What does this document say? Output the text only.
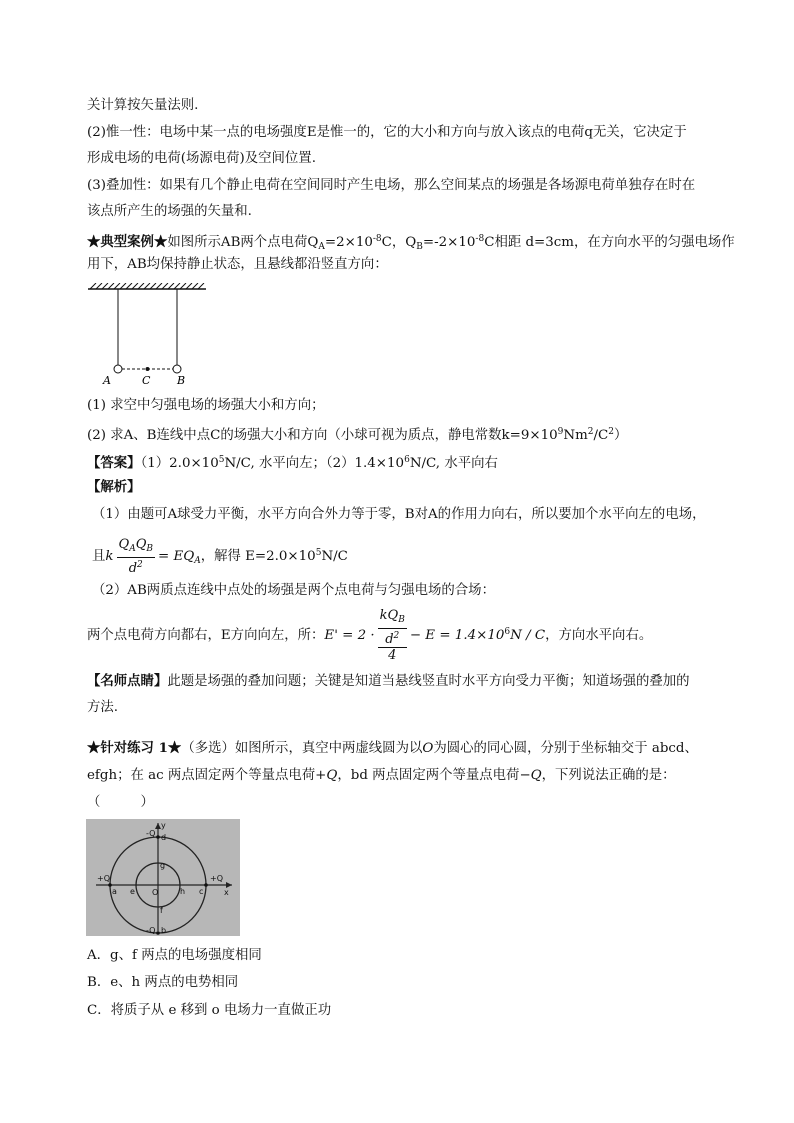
关计算按矢量法则.
(2)惟一性：电场中某一点的电场强度E是惟一的，它的大小和方向与放入该点的电荷q无关，它决定于
形成电场的电荷(场源电荷)及空间位置.
(3)叠加性：如果有几个静止电荷在空间同时产生电场，那么空间某点的场强是各场源电荷单独存在时在
该点所产生的场强的矢量和.
★典型案例★如图所示AB两个点电荷$Q_A=2\times 10^{-8}C$，$Q_B=-2\times 10^{-8}C$相距 d=3cm，在方向水平的匀强电场作
用下，AB均保持静止状态，且悬线都沿竖直方向：
A	C B
(1) 求空中匀强电场的场强大小和方向；
(2) 求A、B连线中点C的场强大小和方向（小球可视为质点，静电常数$k=9\times 10^9Nm^2/C^2$）
【答案】$(1)2.0\times 10^5N/C$, 水平向左；$(2)1.4\times 10^6N/C$, 水平向右
【解析】
（1）由题可A球受力平衡，水平方向合外力等于零，B对A的作用力向右，所以要加个水平向左的电场，
且k $\frac{Q_AQ_B}{d^2} = EQ_A$，解得 $E=2.0\times 10^5N/C$
（2）AB两质点连线中点处的场强是两个点电荷与匀强电场的合场：
两个点电荷方向都右，E方向向左，所：E' = 2 ·
$kQ_B$
$d^2$
4
− $E = 1.4\times 10^6N / C$，方向水平向右。
【名师点睛】此题是场强的叠加问题；关键是知道当悬线竖直时水平方向受力平衡；知道场强的叠加的
方法.
★针对练习 1★（多选）如图所示，真空中两虚线圆为以O为圆心的同心圆，分别于坐标轴交于 abcd、
efgh；在 ac 两点固定两个等量点电荷+Q，bd 两点固定两个等量点电荷−Q，下列说法正确的是：
（　　　）
y
x
O
-Q d
-Q b
+Q
a e	c
+Q
h
g
f
A．g、f 两点的电场强度相同
B．e、h 两点的电势相同
C．将质子从 e 移到 o 电场力一直做正功
